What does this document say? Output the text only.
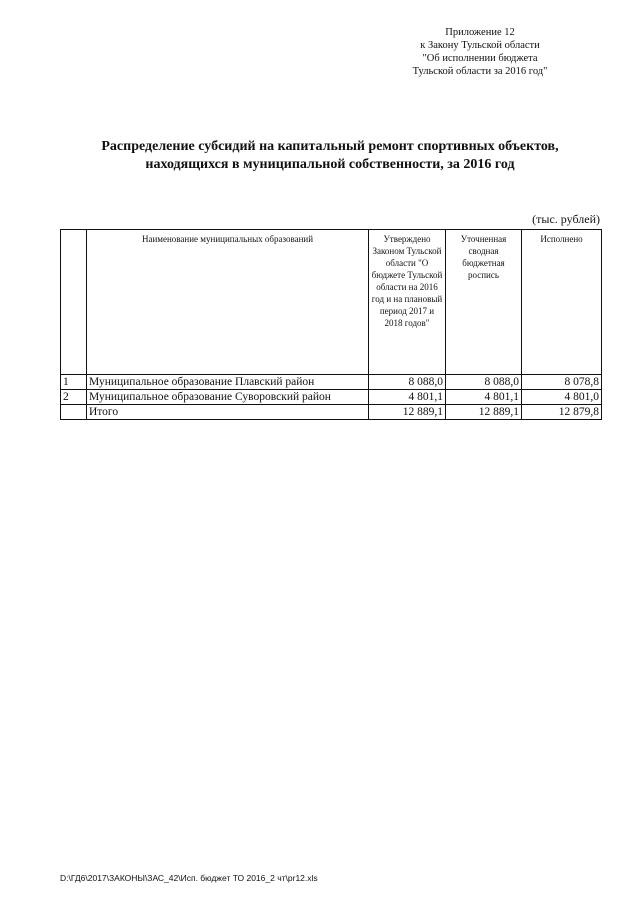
Приложение 12
к Закону Тульской области
"Об исполнении бюджета
Тульской области за 2016 год"
Распределение субсидий на капитальный ремонт спортивных объектов,
находящихся в муниципальной собственности, за 2016 год
(тыс. рублей)
	Наименование муниципальных образований	Утверждено Законом Тульской области "О бюджете Тульской области на 2016 год и на плановый период 2017 и 2018 годов"	Уточненная сводная бюджетная роспись	Исполнено
1	Муниципальное образование Плавский район	8 088,0	8 088,0	8 078,8
2	Муниципальное образование Суворовский район	4 801,1	4 801,1	4 801,0
	Итого	12 889,1	12 889,1	12 879,8
D:\ГД6\2017\ЗАКОНЫ\ЗАС_42\Исп. бюджет ТО 2016_2 чт\pr12.xls
